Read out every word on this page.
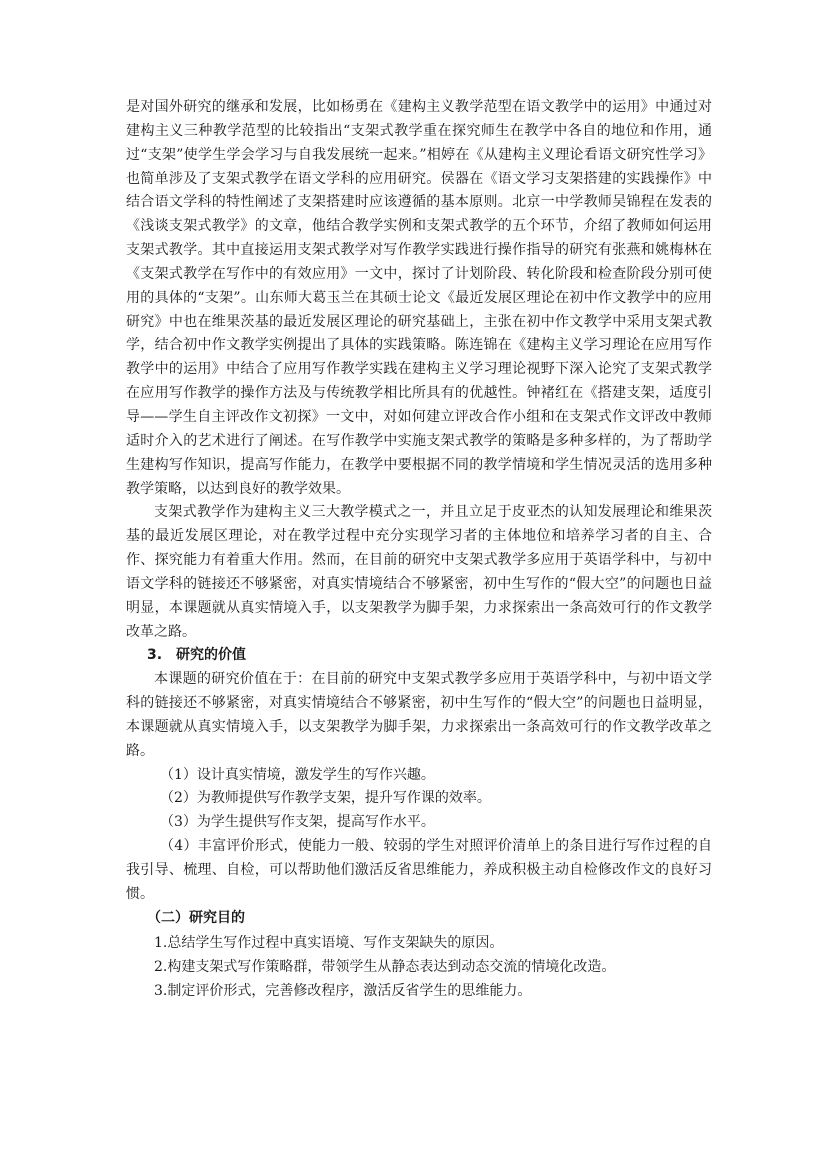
是对国外研究的继承和发展，比如杨勇在《建构主义教学范型在语文教学中的运用》中通过对建构主义三种教学范型的比较指出“支架式教学重在探究师生在教学中各自的地位和作用，通过“支架”使学生学会学习与自我发展统一起来。”相婷在《从建构主义理论看语文研究性学习》也简单涉及了支架式教学在语文学科的应用研究。侯器在《语文学习支架搭建的实践操作》中结合语文学科的特性阐述了支架搭建时应该遵循的基本原则。北京一中学教师吴锦程在发表的《浅谈支架式教学》的文章，他结合教学实例和支架式教学的五个环节，介绍了教师如何运用支架式教学。其中直接运用支架式教学对写作教学实践进行操作指导的研究有张燕和姚梅林在《支架式教学在写作中的有效应用》一文中，探讨了计划阶段、转化阶段和检查阶段分别可使用的具体的“支架”。山东师大葛玉兰在其硕士论文《最近发展区理论在初中作文教学中的应用研究》中也在维果茨基的最近发展区理论的研究基础上，主张在初中作文教学中采用支架式教学，结合初中作文教学实例提出了具体的实践策略。陈连锦在《建构主义学习理论在应用写作教学中的运用》中结合了应用写作教学实践在建构主义学习理论视野下深入论究了支架式教学在应用写作教学的操作方法及与传统教学相比所具有的优越性。钟褚红在《搭建支架，适度引导——学生自主评改作文初探》一文中，对如何建立评改合作小组和在支架式作文评改中教师适时介入的艺术进行了阐述。在写作教学中实施支架式教学的策略是多种多样的，为了帮助学生建构写作知识，提高写作能力，在教学中要根据不同的教学情境和学生情况灵活的选用多种教学策略，以达到良好的教学效果。

支架式教学作为建构主义三大教学模式之一，并且立足于皮亚杰的认知发展理论和维果茨基的最近发展区理论，对在教学过程中充分实现学习者的主体地位和培养学习者的自主、合作、探究能力有着重大作用。然而，在目前的研究中支架式教学多应用于英语学科中，与初中语文学科的链接还不够紧密，对真实情境结合不够紧密，初中生写作的“假大空”的问题也日益明显，本课题就从真实情境入手，以支架教学为脚手架，力求探索出一条高效可行的作文教学改革之路。

3.　研究的价值

本课题的研究价值在于：在目前的研究中支架式教学多应用于英语学科中，与初中语文学科的链接还不够紧密，对真实情境结合不够紧密，初中生写作的“假大空”的问题也日益明显，本课题就从真实情境入手，以支架教学为脚手架，力求探索出一条高效可行的作文教学改革之路。

（1）设计真实情境，激发学生的写作兴趣。

（2）为教师提供写作教学支架，提升写作课的效率。

（3）为学生提供写作支架，提高写作水平。

（4）丰富评价形式，使能力一般、较弱的学生对照评价清单上的条目进行写作过程的自我引导、梳理、自检，可以帮助他们激活反省思维能力，养成积极主动自检修改作文的良好习惯。

（二）研究目的

1.总结学生写作过程中真实语境、写作支架缺失的原因。

2.构建支架式写作策略群，带领学生从静态表达到动态交流的情境化改造。

3.制定评价形式，完善修改程序，激活反省学生的思维能力。
